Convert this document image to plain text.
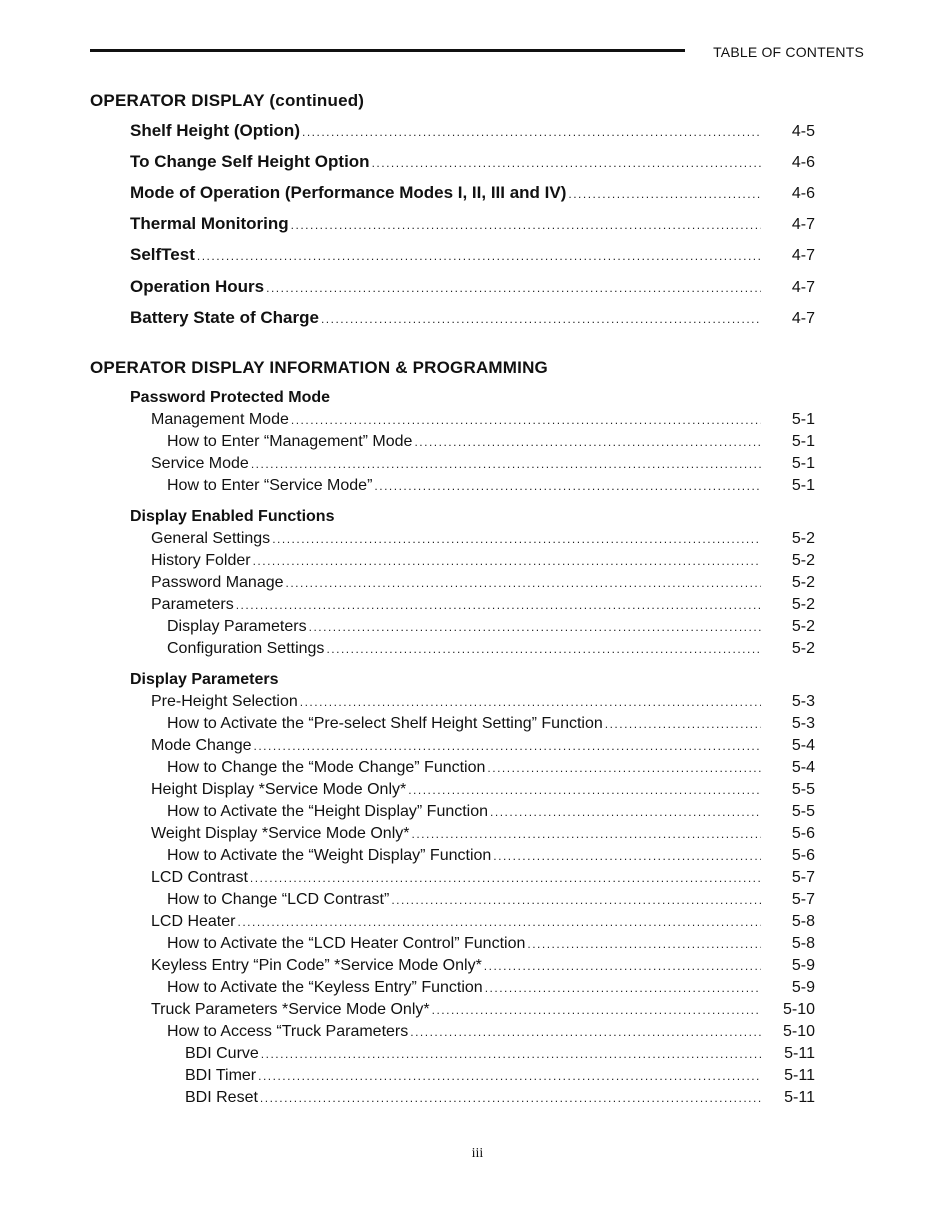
TABLE OF CONTENTS
OPERATOR DISPLAY (continued)
Shelf Height (Option) .....	4-5
To Change Self Height Option .....	4-6
Mode of Operation (Performance Modes I, II, III and IV) .....	4-6
Thermal Monitoring .....	4-7
SelfTest .....	4-7
Operation Hours .....	4-7
Battery State of Charge .....	4-7
OPERATOR DISPLAY INFORMATION & PROGRAMMING
Password Protected Mode
Management Mode .....	5-1
How to Enter “Management” Mode .....	5-1
Service Mode .....	5-1
How to Enter “Service Mode” .....	5-1
Display Enabled Functions
General Settings .....	5-2
History Folder .....	5-2
Password Manage .....	5-2
Parameters .....	5-2
Display Parameters .....	5-2
Configuration Settings .....	5-2
Display Parameters
Pre-Height Selection .....	5-3
How to Activate the “Pre-select Shelf Height Setting” Function .....	5-3
Mode Change .....	5-4
How to Change the “Mode Change” Function .....	5-4
Height Display *Service Mode Only* .....	5-5
How to Activate the “Height Display” Function .....	5-5
Weight Display *Service Mode Only* .....	5-6
How to Activate the “Weight Display” Function .....	5-6
LCD Contrast .....	5-7
How to Change “LCD Contrast” .....	5-7
LCD Heater .....	5-8
How to Activate the “LCD Heater Control” Function .....	5-8
Keyless Entry “Pin Code” *Service Mode Only* .....	5-9
How to Activate the “Keyless Entry” Function .....	5-9
Truck Parameters *Service Mode Only* .....	5-10
How to Access “Truck Parameters .....	5-10
BDI Curve .....	5-11
BDI Timer .....	5-11
BDI Reset .....	5-11
iii
